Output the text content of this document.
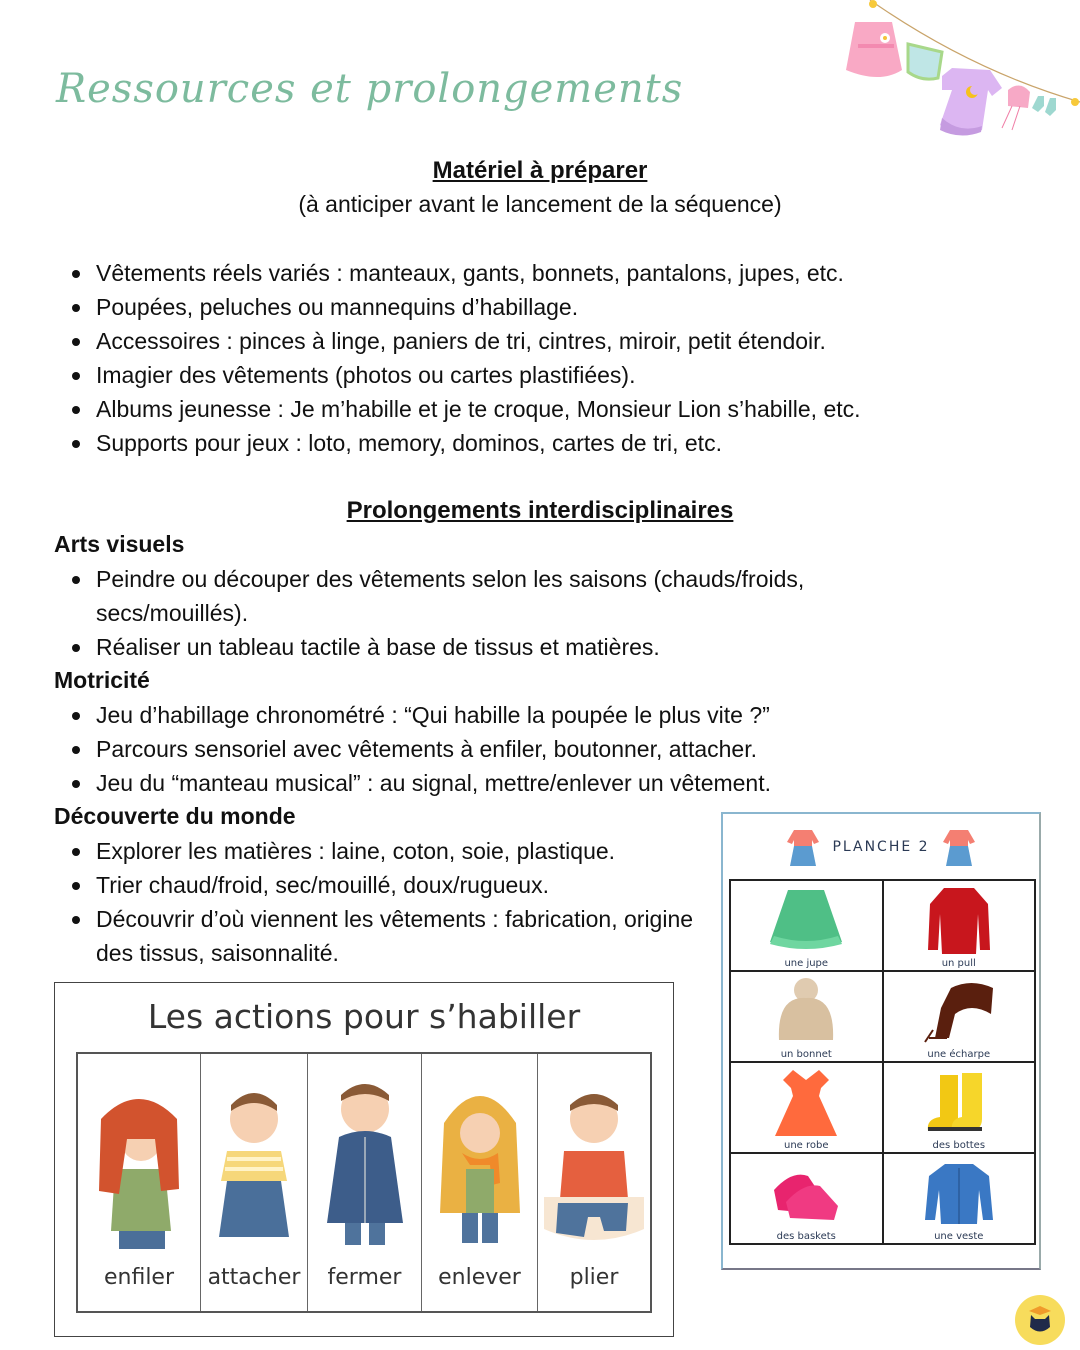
Ressources et prolongements
Matériel à préparer
(à anticiper avant le lancement de la séquence)
Vêtements réels variés : manteaux, gants, bonnets, pantalons, jupes, etc.
Poupées, peluches ou mannequins d’habillage.
Accessoires : pinces à linge, paniers de tri, cintres, miroir, petit étendoir.
Imagier des vêtements (photos ou cartes plastifiées).
Albums jeunesse : Je m’habille et je te croque, Monsieur Lion s’habille, etc.
Supports pour jeux : loto, memory, dominos, cartes de tri, etc.
Prolongements interdisciplinaires
Arts visuels
Peindre ou découper des vêtements selon les saisons (chauds/froids, secs/mouillés).
Réaliser un tableau tactile à base de tissus et matières.
Motricité
Jeu d’habillage chronométré : “Qui habille la poupée le plus vite ?”
Parcours sensoriel avec vêtements à enfiler, boutonner, attacher.
Jeu du “manteau musical” : au signal, mettre/enlever un vêtement.
Découverte du monde
Explorer les matières : laine, coton, soie, plastique.
Trier chaud/froid, sec/mouillé, doux/rugueux.
Découvrir d’où viennent les vêtements : fabrication, origine des tissus, saisonnalité.
PLANCHE 2
une jupe	un pull
un bonnet	une écharpe
une robe	des bottes
des baskets	une veste
Les actions pour s’habiller
enfiler attacher fermer enlever plier
